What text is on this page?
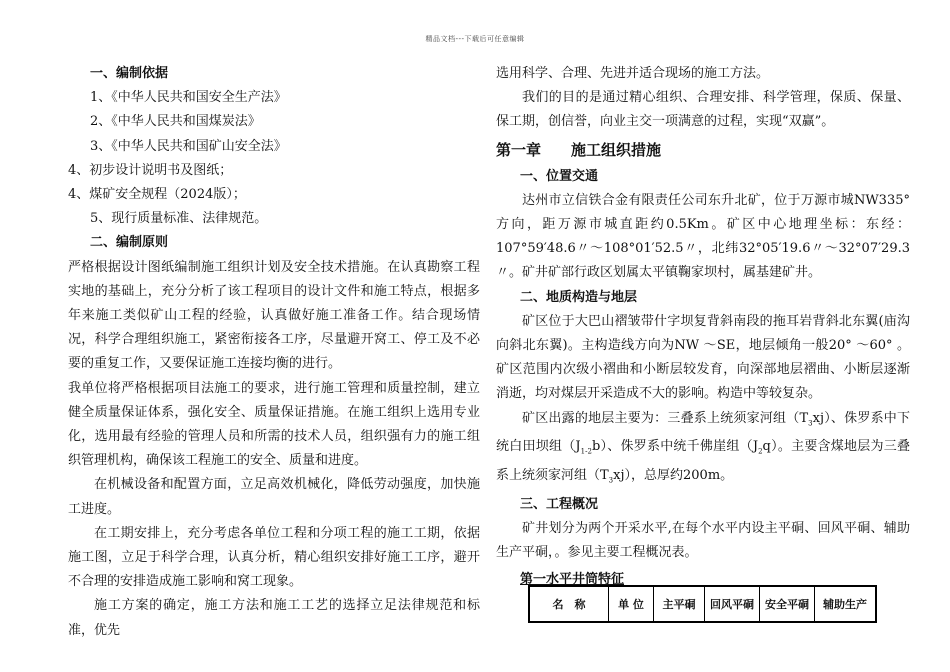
精品文档---下载后可任意编辑

一、编制依据

1、《中华人民共和国安全生产法》

2、《中华人民共和国煤炭法》

3、《中华人民共和国矿山安全法》

4、初步设计说明书及图纸；

4、煤矿安全规程（2024版）；

5、现行质量标准、法律规范。

二、编制原则

严格根据设计图纸编制施工组织计划及安全技术措施。在认真勘察工程实地的基础上，充分分析了该工程项目的设计文件和施工特点，根据多年来施工类似矿山工程的经验，认真做好施工准备工作。结合现场情况，科学合理组织施工，紧密衔接各工序，尽量避开窝工、停工及不必要的重复工作，又要保证施工连接均衡的进行。

我单位将严格根据项目法施工的要求，进行施工管理和质量控制，建立健全质量保证体系，强化安全、质量保证措施。在施工组织上选用专业化，选用最有经验的管理人员和所需的技术人员，组织强有力的施工组织管理机构，确保该工程施工的安全、质量和进度。

在机械设备和配置方面，立足高效机械化，降低劳动强度，加快施工进度。

在工期安排上，充分考虑各单位工程和分项工程的施工工期，依据施工图，立足于科学合理，认真分析，精心组织安排好施工工序，避开不合理的安排造成施工影响和窝工现象。

施工方案的确定，施工方法和施工工艺的选择立足法律规范和标准，优先

选用科学、合理、先进并适合现场的施工方法。

我们的目的是通过精心组织、合理安排、科学管理，保质、保量、保工期，创信誉，向业主交一项满意的过程，实现“双赢”。

第一章 施工组织措施

一、位置交通

达州市立信铁合金有限责任公司东升北矿，位于万源市城NW335°方向，距万源市城直距约0.5Km。矿区中心地理坐标：东经：107°59′48.6〃～108°01′52.5〃，北纬32°05′19.6〃～32°07′29.3〃。矿井矿部行政区划属太平镇鞠家坝村，属基建矿井。

二、地质构造与地层

矿区位于大巴山褶皱带什字坝复背斜南段的拖耳岩背斜北东翼(庙沟向斜北东翼)。主构造线方向为NW ～SE，地层倾角一般20° ～60° 。矿区范围内次级小褶曲和小断层较发育，向深部地层褶曲、小断层逐渐消逝，均对煤层开采造成不大的影响。构造中等较复杂。

矿区出露的地层主要为：三叠系上统须家河组$(T_3xj)$、侏罗系中下统白田坝组$(J_{1-2}b)$、侏罗系中统千佛崖组$(J_2q)$。主要含煤地层为三叠系上统须家河组$(T_3xj)$，总厚约200m。

三、工程概况

矿井划分为两个开采水平,在每个水平内设主平硐、回风平硐、辅助生产平硐，。参见主要工程概况表。

第一水平井筒特征

名　称	单 位	主平硐	回风平硐	安全平硐	辅助生产
